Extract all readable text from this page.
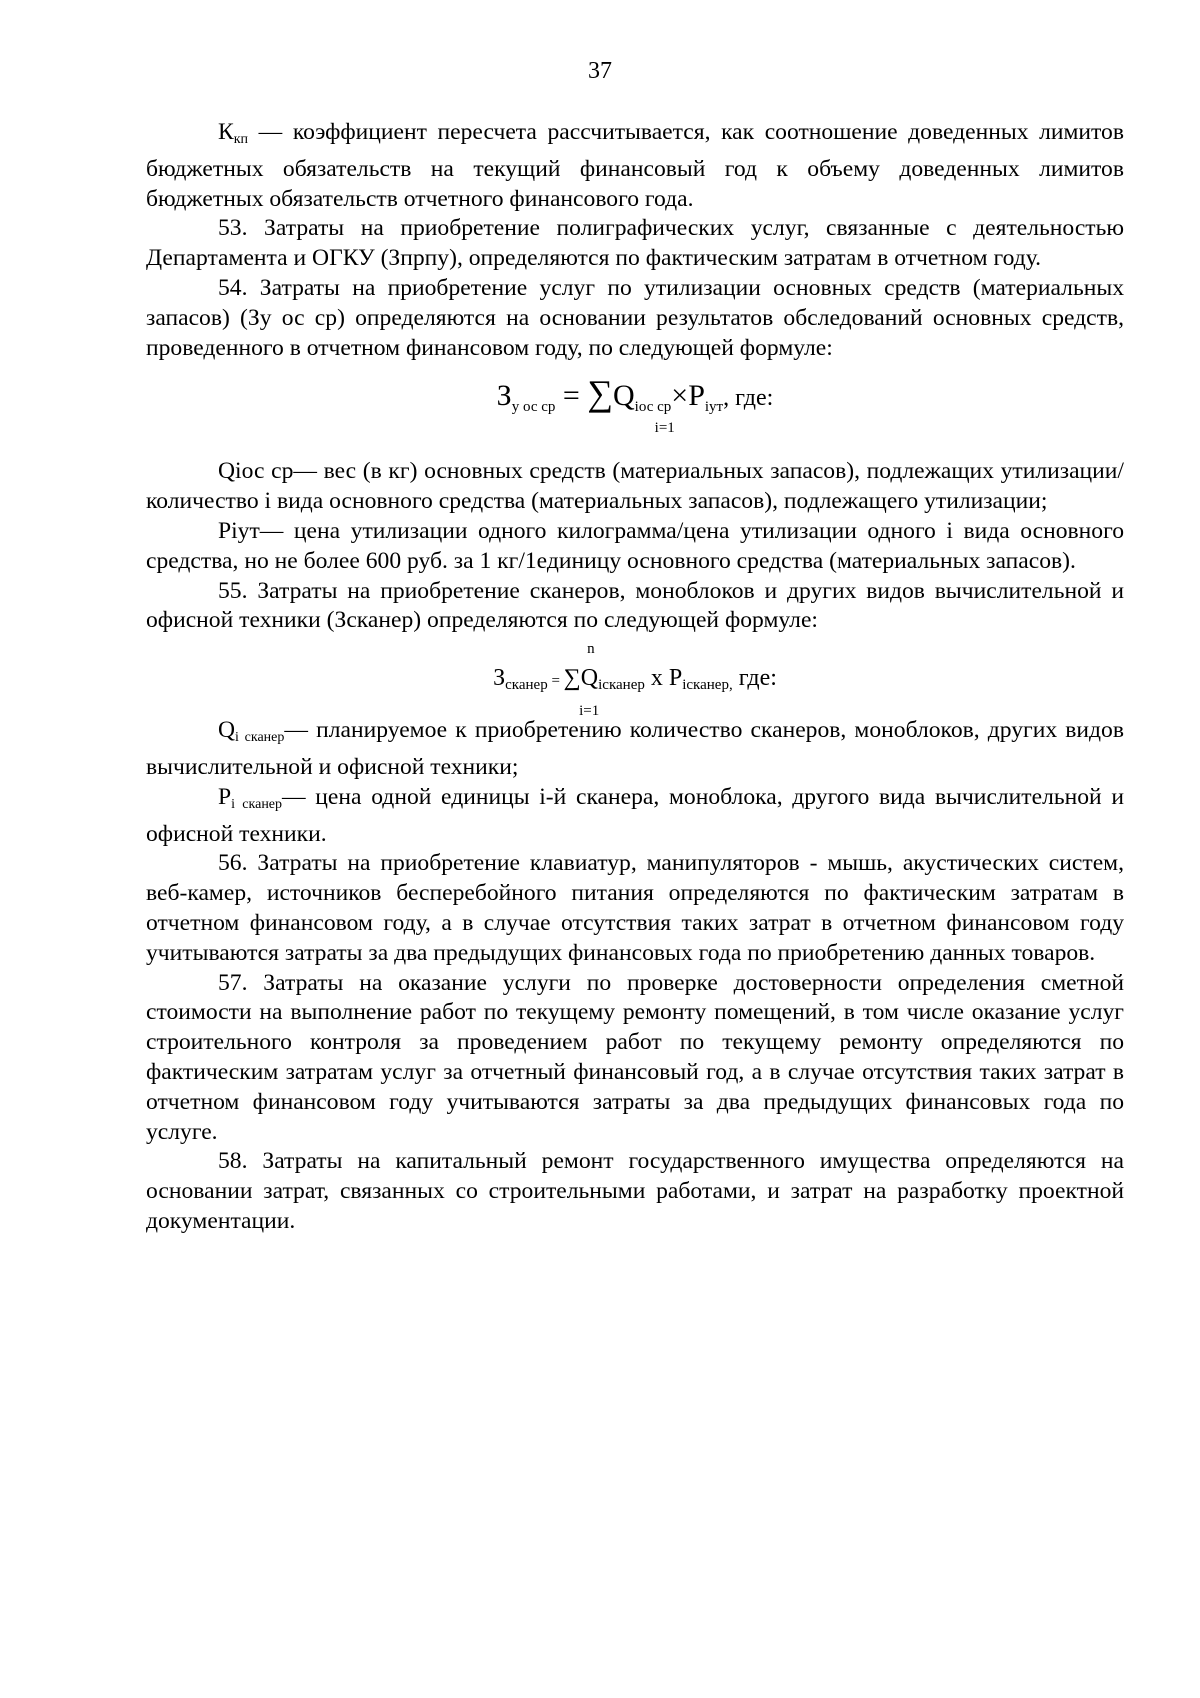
37

Ккп — коэффициент пересчета рассчитывается, как соотношение доведенных лимитов бюджетных обязательств на текущий финансовый год к объему доведенных лимитов бюджетных обязательств отчетного финансового года.

53. Затраты на приобретение полиграфических услуг, связанные с деятельностью Департамента и ОГКУ (Зпрпу), определяются по фактическим затратам в отчетном году.

54. Затраты на приобретение услуг по утилизации основных средств (материальных запасов) (Зу ос ср) определяются на основании результатов обследований основных средств, проведенного в отчетном финансовом году, по следующей формуле:

$З_{у ос ср} = \sum Q_{iос ср}\times P_{iут}$, где:
i=1

Qiос ср— вес (в кг) основных средств (материальных запасов), подлежащих утилизации/ количество i вида основного средства (материальных запасов), подлежащего утилизации;

Piут— цена утилизации одного килограмма/цена утилизации одного i вида основного средства, но не более 600 руб. за 1 кг/1единицу основного средства (материальных запасов).

55. Затраты на приобретение сканеров, моноблоков и других видов вычислительной и офисной техники (Зсканер) определяются по следующей формуле:

n
$З_{сканер} = \sum Q_{iсканер}$ x $P_{iсканер,}$ где:
i=1

Qi сканер— планируемое к приобретению количество сканеров, моноблоков, других видов вычислительной и офисной техники;

Pi сканер— цена одной единицы i-й сканера, моноблока, другого вида вычислительной и офисной техники.

56. Затраты на приобретение клавиатур, манипуляторов - мышь, акустических систем, веб-камер, источников бесперебойного питания определяются по фактическим затратам в отчетном финансовом году, а в случае отсутствия таких затрат в отчетном финансовом году учитываются затраты за два предыдущих финансовых года по приобретению данных товаров.

57. Затраты на оказание услуги по проверке достоверности определения сметной стоимости на выполнение работ по текущему ремонту помещений, в том числе оказание услуг строительного контроля за проведением работ по текущему ремонту определяются по фактическим затратам услуг за отчетный финансовый год, а в случае отсутствия таких затрат в отчетном финансовом году учитываются затраты за два предыдущих финансовых года по услуге.

58. Затраты на капитальный ремонт государственного имущества определяются на основании затрат, связанных со строительными работами, и затрат на разработку проектной документации.
